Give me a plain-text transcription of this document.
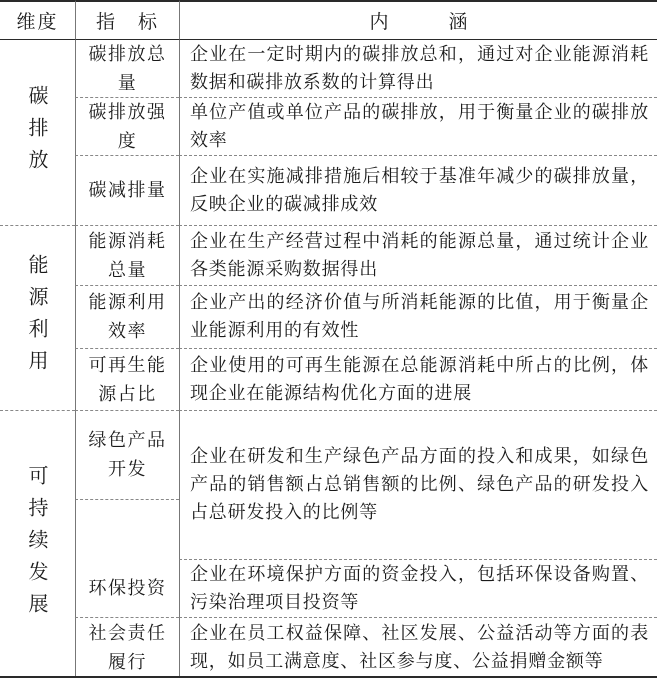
维度	指　标	内涵
碳排放
碳排放总量
企业在一定时期内的碳排放总和，通过对企业能源消耗数据和碳排放系数的计算得出
碳排放强度
单位产值或单位产品的碳排放，用于衡量企业的碳排放效率
碳减排量
企业在实施减排措施后相较于基准年减少的碳排放量，反映企业的碳减排成效
能源利用
能源消耗总量
企业在生产经营过程中消耗的能源总量，通过统计企业各类能源采购数据得出
能源利用效率
企业产出的经济价值与所消耗能源的比值，用于衡量企业能源利用的有效性
可再生能源占比
企业使用的可再生能源在总能源消耗中所占的比例，体现企业在能源结构优化方面的进展
可持续发展
绿色产品开发
企业在研发和生产绿色产品方面的投入和成果，如绿色产品的销售额占总销售额的比例、绿色产品的研发投入占总研发投入的比例等
环保投资
企业在环境保护方面的资金投入，包括环保设备购置、污染治理项目投资等
社会责任履行
企业在员工权益保障、社区发展、公益活动等方面的表现，如员工满意度、社区参与度、公益捐赠金额等
